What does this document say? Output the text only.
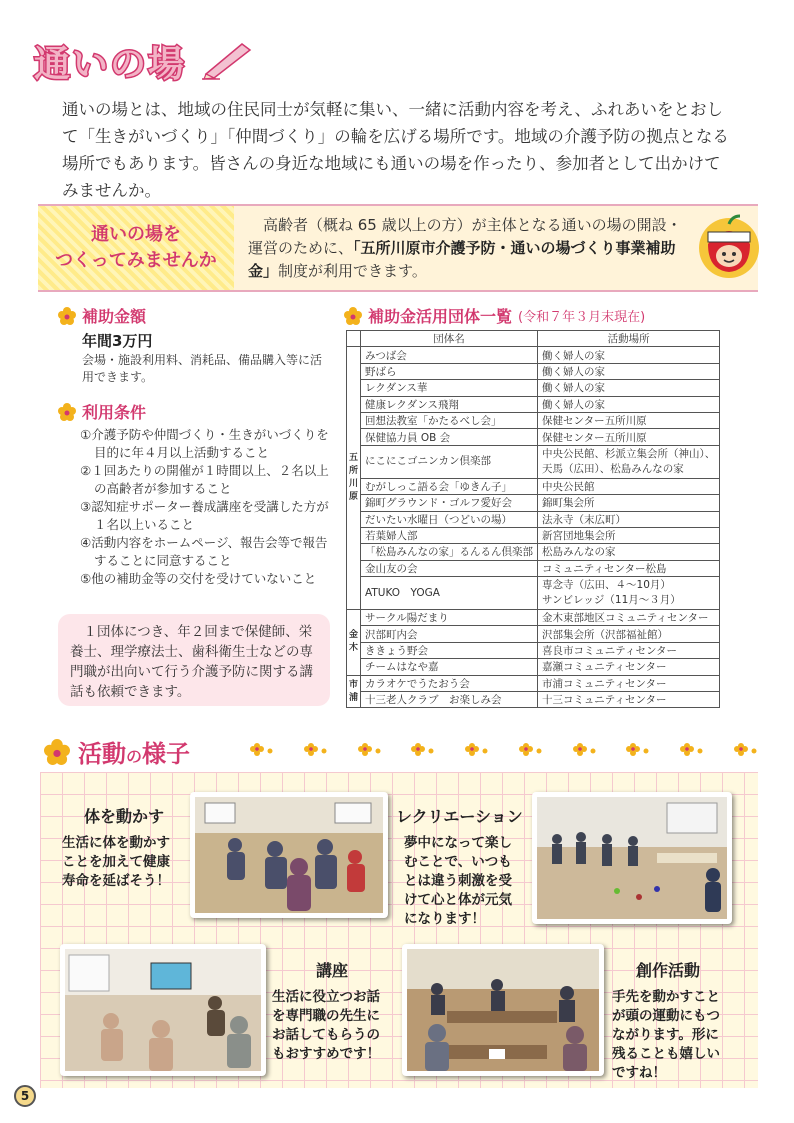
通いの場

通いの場とは、地域の住民同士が気軽に集い、一緒に活動内容を考え、ふれあいをとおして「生きがいづくり」「仲間づくり」の輪を広げる場所です。地域の介護予防の拠点となる場所でもあります。皆さんの身近な地域にも通いの場を作ったり、参加者として出かけてみませんか。

通いの場を
つくってみませんか

高齢者（概ね 65 歳以上の方）が主体となる通いの場の開設・運営のために、「五所川原市介護予防・通いの場づくり事業補助金」制度が利用できます。

補助金額
年間3万円

会場・施設利用料、消耗品、備品購入等に活用できます。

利用条件
①介護予防や仲間づくり・生きがいづくりを目的に年４月以上活動すること
②１回あたりの開催が１時間以上、２名以上の高齢者が参加すること
③認知症サポーター養成講座を受講した方が１名以上いること
④活動内容をホームページ、報告会等で報告することに同意すること
⑤他の補助金等の交付を受けていないこと

１団体につき、年２回まで保健師、栄養士、理学療法士、歯科衛生士などの専門職が出向いて行う介護予防に関する講話も依頼できます。

補助金活用団体一覧 (令和７年３月末現在)
	団体名	活動場所
五所川原	みつば会	働く婦人の家
	野ばら	働く婦人の家
	レクダンス華	働く婦人の家
	健康レクダンス飛翔	働く婦人の家
	回想法教室「かたるべし会」	保健センター五所川原
	保健協力員 OB 会	保健センター五所川原
	にこにこゴニンカン倶楽部	中央公民館、杉派立集会所（神山）、
天馬（広田）、松島みんなの家

	むがしっこ語る会「ゆきん子」	中央公民館
	錦町グラウンド・ゴルフ愛好会	錦町集会所
	だいたい水曜日（つどいの場）	法永寺（末広町）
	若葉婦人部	新宮団地集会所
	「松島みんなの家」るんるん倶楽部	松島みんなの家
	金山友の会	コミュニティセンター松島
	ATUKO　YOGA	専念寺（広田、４～10月）
サンビレッジ（11月～３月）

金木	サークル陽だまり	金木東部地区コミュニティセンター
	沢部町内会	沢部集会所（沢部福祉館）
	ききょう野会	喜良市コミュニティセンター
	チームはなや嘉	嘉瀬コミュニティセンター
市浦	カラオケでうたおう会	市浦コミュニティセンター
	十三老人クラブ　お楽しみ会	十三コミュニティセンター
活動の様子
体を動かす
生活に体を動かす
ことを加えて健康
寿命を延ばそう！
レクリエーション
夢中になって楽し
むことで、いつも
とは違う刺激を受
けて心と体が元気
になります！
講座
生活に役立つお話
を専門職の先生に
お話してもらうの
もおすすめです！
創作活動
手先を動かすこと
が頭の運動にもつ
ながります。形に
残ることも嬉しい
ですね！
5
